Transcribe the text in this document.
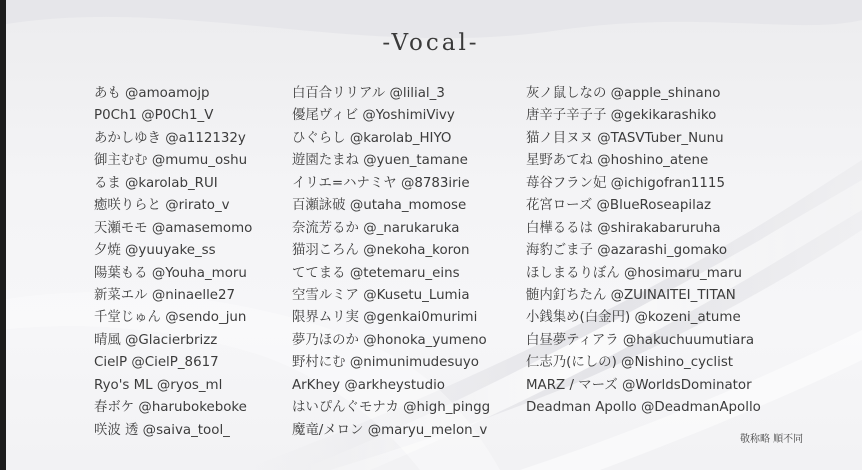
-Vocal-
あも @amoamojp
P0Ch1 @P0Ch1_V
あかしゆき @a112132y
御主むむ @mumu_oshu
るま @karolab_RUI
癒咲りらと @rirato_v
天瀬モモ @amasemomo
夕焼 @yuuyake_ss
陽葉もる @Youha_moru
新菜エル @ninaelle27
千堂じゅん @sendo_jun
晴風 @Glacierbrizz
CielP @CielP_8617
Ryo's ML @ryos_ml
春ボケ @harubokeboke
咲波 透 @saiva_tool_
白百合リリアル @lilial_3
優尾ヴィビ @YoshimiVivy
ひぐらし @karolab_HIYO
遊園たまね @yuen_tamane
イリエ=ハナミヤ @8783irie
百瀬詠破 @utaha_momose
奈流芳るか @_narukaruka
猫羽ころん @nekoha_koron
ててまる @tetemaru_eins
空雪ルミア @Kusetu_Lumia
限界ムリ実 @genkai0murimi
夢乃ほのか @honoka_yumeno
野村にむ @nimunimudesuyo
ArKhey @arkheystudio
はいぴんぐモナカ @high_pingg
魔竜/メロン @maryu_melon_v
灰ノ鼠しなの @apple_shinano
唐辛子辛子子 @gekikarashiko
猫ノ目ヌヌ @TASVTuber_Nunu
星野あてね @hoshino_atene
苺谷フラン妃 @ichigofran1115
花宮ローズ @BlueRoseapilaz
白樺るるは @shirakabaruruha
海豹ごま子 @azarashi_gomako
ほしまるりぼん @hosimaru_maru
髄内釘ちたん @ZUINAITEI_TITAN
小銭集め(白金円) @kozeni_atume
白昼夢ティアラ @hakuchuumutiara
仁志乃(にしの) @Nishino_cyclist
MARZ / マーズ @WorldsDominator
Deadman Apollo @DeadmanApollo
敬称略 順不同
